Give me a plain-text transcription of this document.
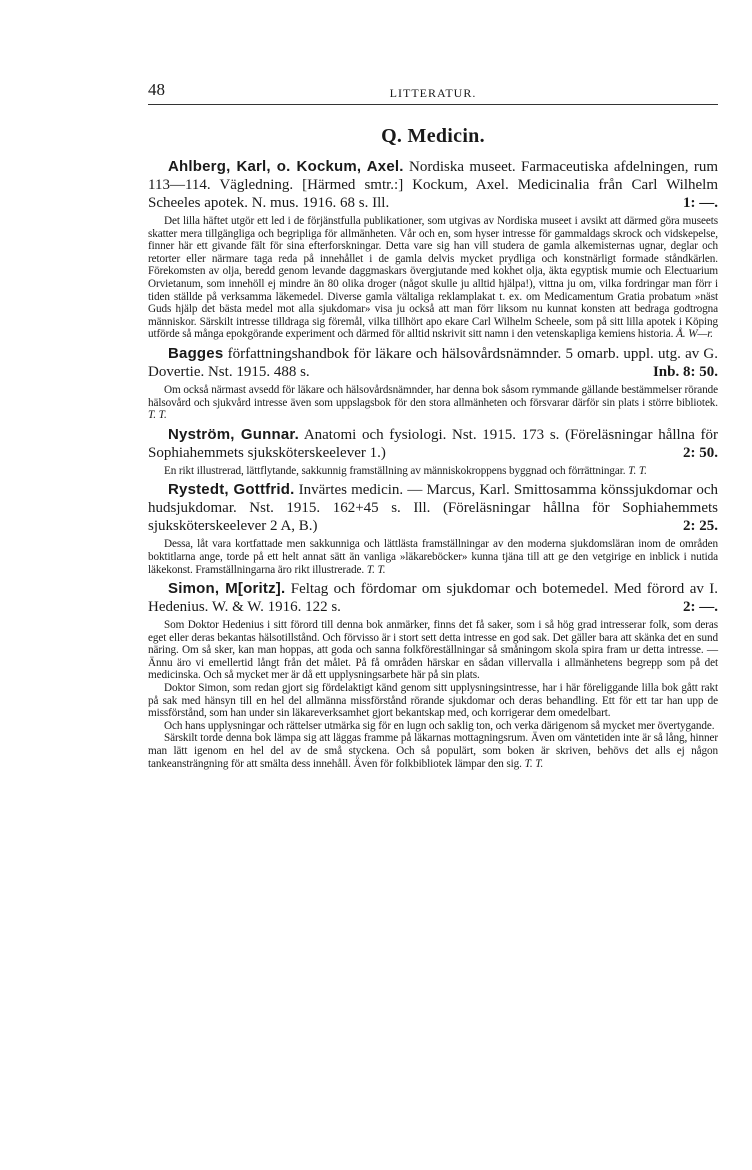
48	LITTERATUR.
Q. Medicin.
Ahlberg, Karl, o. Kockum, Axel. Nordiska museet. Farmaceutiska afdelningen, rum 113—114. Vägledning. [Härmed smtr.:] Kockum, Axel. Medicinalia från Carl Wilhelm Scheeles apotek. N. mus. 1916. 68 s. Ill.	1: —.
Det lilla häftet utgör ett led i de förjänstfulla publikationer, som utgivas av Nordiska museet i avsikt att därmed göra museets skatter mera tillgängliga och begripliga för allmänheten. Vår och en, som hyser intresse för gammaldags skrock och vidskepelse, finner här ett givande fält för sina efterforskningar. Detta vare sig han vill studera de gamla alkemisternas ugnar, deglar och retorter eller närmare taga reda på innehållet i de gamla delvis mycket prydliga och konstnärligt formade ståndkärlen. Förekomsten av olja, beredd genom levande daggmaskars övergjutande med kokhet olja, äkta egyptisk mumie och Electuarium Orvietanum, som innehöll ej mindre än 80 olika droger (något skulle ju alltid hjälpa!), vittna ju om, vilka fordringar man förr i tiden ställde på verksamma läkemedel. Diverse gamla vältaliga reklamplakat t. ex. om Medicamentum Gratia probatum »näst Guds hjälp det bästa medel mot alla sjukdomar» visa ju också att man förr liksom nu kunnat konsten att bedraga godtrogna människor. Särskilt intresse tilldraga sig föremål, vilka tillhört apo ekare Carl Wilhelm Scheele, som på sitt lilla apotek i Köping utförde så många epokgörande experiment och därmed för alltid nskrivit sitt namn i den vetenskapliga kemiens historia. Å. W—r.
Bagges författningshandbok för läkare och hälsovårdsnämnder. 5 omarb. uppl. utg. av G. Dovertie. Nst. 1915. 488 s.	Inb. 8: 50.
Om också närmast avsedd för läkare och hälsovårdsnämnder, har denna bok såsom rymmande gällande bestämmelser rörande hälsovård och sjukvård intresse även som uppslagsbok för den stora allmänheten och försvarar därför sin plats i större bibliotek. T. T.
Nyström, Gunnar. Anatomi och fysiologi. Nst. 1915. 173 s. (Föreläsningar hållna för Sophiahemmets sjuksköterskeelever 1.)	2: 50.
En rikt illustrerad, lättflytande, sakkunnig framställning av människokroppens byggnad och förrättningar. T. T.
Rystedt, Gottfrid. Invärtes medicin. — Marcus, Karl. Smittosamma könssjukdomar och hudsjukdomar. Nst. 1915. 162+45 s. Ill. (Föreläsningar hållna för Sophiahemmets sjuksköterskeelever 2 A, B.)	2: 25.
Dessa, låt vara kortfattade men sakkunniga och lättlästa framställningar av den moderna sjukdomsläran inom de områden boktitlarna ange, torde på ett helt annat sätt än vanliga »läkareböcker» kunna tjäna till att ge den vetgirige en inblick i nutida läkekonst. Framställningarna äro rikt illustrerade. T. T.
Simon, M[oritz]. Feltag och fördomar om sjukdomar och botemedel. Med förord av I. Hedenius. W. & W. 1916. 122 s.	2: —.

Som Doktor Hedenius i sitt förord till denna bok anmärker, finns det få saker, som i så hög grad intresserar folk, som deras eget eller deras bekantas hälsotillstånd. Och förvisso är i stort sett detta intresse en god sak. Det gäller bara att skänka det en sund näring. Om så sker, kan man hoppas, att goda och sanna folkföreställningar så småningom skola spira fram ur detta intresse. — Ännu äro vi emellertid långt från det målet. På få områden härskar en sådan villervalla i allmänhetens begrepp som på det medicinska. Och så mycket mer är då ett upplysningsarbete här på sin plats.

Doktor Simon, som redan gjort sig fördelaktigt känd genom sitt upplysningsintresse, har i här föreliggande lilla bok gått rakt på sak med hänsyn till en hel del allmänna missförstånd rörande sjukdomar och deras behandling. Ett för ett tar han upp de missförstånd, som han under sin läkareverksamhet gjort bekantskap med, och korrigerar dem omedelbart.

Och hans upplysningar och rättelser utmärka sig för en lugn och saklig ton, och verka därigenom så mycket mer övertygande.

Särskilt torde denna bok lämpa sig att läggas framme på läkarnas mottagningsrum. Även om väntetiden inte är så lång, hinner man lätt igenom en hel del av de små styckena. Och så populärt, som boken är skriven, behövs det alls ej någon tankeansträngning för att smälta dess innehåll. Även för folkbibliotek lämpar den sig. T. T.
